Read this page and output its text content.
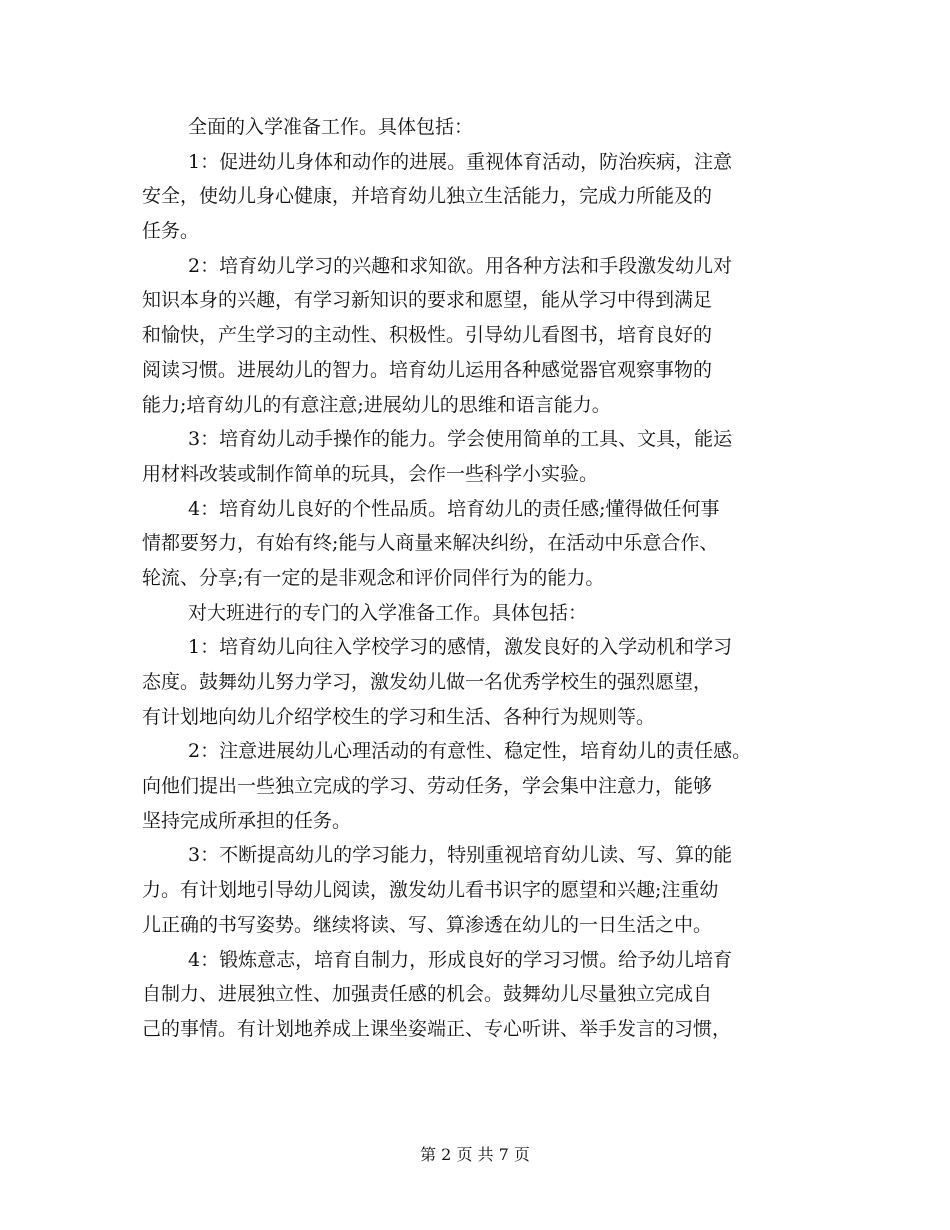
全面的入学准备工作。具体包括：
1：促进幼儿身体和动作的进展。重视体育活动，防治疾病，注意
安全，使幼儿身心健康，并培育幼儿独立生活能力，完成力所能及的
任务。
2：培育幼儿学习的兴趣和求知欲。用各种方法和手段激发幼儿对
知识本身的兴趣，有学习新知识的要求和愿望，能从学习中得到满足
和愉快，产生学习的主动性、积极性。引导幼儿看图书，培育良好的
阅读习惯。进展幼儿的智力。培育幼儿运用各种感觉器官观察事物的
能力;培育幼儿的有意注意;进展幼儿的思维和语言能力。
3：培育幼儿动手操作的能力。学会使用简单的工具、文具，能运
用材料改装或制作简单的玩具，会作一些科学小实验。
4：培育幼儿良好的个性品质。培育幼儿的责任感;懂得做任何事
情都要努力，有始有终;能与人商量来解决纠纷，在活动中乐意合作、
轮流、分享;有一定的是非观念和评价同伴行为的能力。
对大班进行的专门的入学准备工作。具体包括：
1：培育幼儿向往入学校学习的感情，激发良好的入学动机和学习
态度。鼓舞幼儿努力学习，激发幼儿做一名优秀学校生的强烈愿望，
有计划地向幼儿介绍学校生的学习和生活、各种行为规则等。
2：注意进展幼儿心理活动的有意性、稳定性，培育幼儿的责任感。
向他们提出一些独立完成的学习、劳动任务，学会集中注意力，能够
坚持完成所承担的任务。
3：不断提高幼儿的学习能力，特别重视培育幼儿读、写、算的能
力。有计划地引导幼儿阅读，激发幼儿看书识字的愿望和兴趣;注重幼
儿正确的书写姿势。继续将读、写、算渗透在幼儿的一日生活之中。
4：锻炼意志，培育自制力，形成良好的学习习惯。给予幼儿培育
自制力、进展独立性、加强责任感的机会。鼓舞幼儿尽量独立完成自
己的事情。有计划地养成上课坐姿端正、专心听讲、举手发言的习惯，
第 2 页 共 7 页
